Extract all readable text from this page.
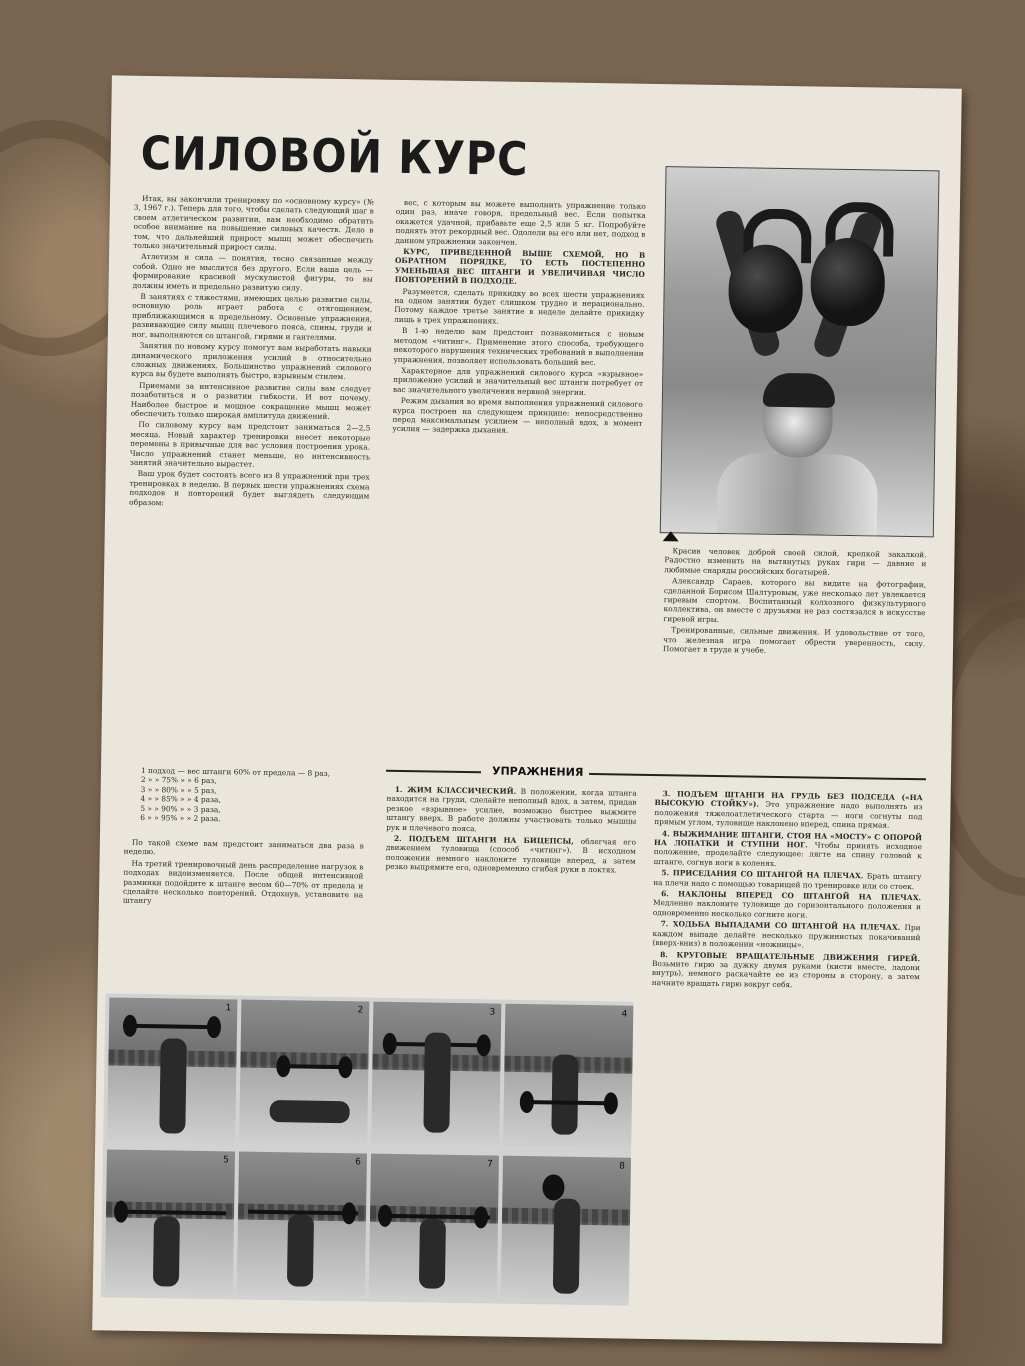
СИЛОВОЙ КУРС

Итак, вы закончили тренировку по «основному курсу» (№ 3, 1967 г.). Теперь для того, чтобы сделать следующий шаг в своем атлетическом развитии, вам необходимо обратить особое внимание на повышение силовых качеств. Дело в том, что дальнейший прирост мышц может обеспечить только значительный прирост силы.

Атлетизм и сила — понятия, тесно связанные между собой. Одно не мыслится без другого. Если ваша цель — формирование красивой мускулистой фигуры, то вы должны иметь и предельно развитую силу.

В занятиях с тяжестями, имеющих целью развитие силы, основную роль играет работа с отягощением, приближающимся к предельному. Основные упражнения, развивающие силу мышц плечевого пояса, спины, груди и ног, выполняются со штангой, гирями и гантелями.

Занятия по новому курсу помогут вам выработать навыки динамического приложения усилий в относительно сложных движениях. Большинство упражнений силового курса вы будете выполнять быстро, взрывным стилем.

Приемами за интенсивное развитие силы вам следует позаботиться и о развитии гибкости. И вот почему. Наиболее быстрое и мощное сокращение мышц может обеспечить только широкая амплитуда движений.

По силовому курсу вам предстоит заниматься 2—2,5 месяца. Новый характер тренировки внесет некоторые перемены в привычные для вас условия построения урока. Число упражнений станет меньше, но интенсивность занятий значительно вырастет.

Ваш урок будет состоять всего из 8 упражнений при трех тренировках в неделю. В первых шести упражнениях схема подходов и повторений будет выглядеть следующим образом:

1 подход — вес штанги 60% от предела — 8 раз,
2 » » 75% » » 6 раз,
3 » » 80% » » 5 раз,
4 » » 85% » » 4 раза,
5 » » 90% » » 3 раза,
6 » » 95% » » 2 раза.

По такой схеме вам предстоит заниматься два раза в неделю.

На третий тренировочный день распределение нагрузок в подходах видоизменяется. После общей интенсивной разминки подойдите к штанге весом 60—70% от предела и сделайте несколько повторений. Отдохнув, установите на штангу

вес, с которым вы можете выполнить упражнение только один раз, иначе говоря, предельный вес. Если попытка окажется удачной, прибавьте еще 2,5 или 5 кг. Попробуйте поднять этот рекордный вес. Одолели вы его или нет, подход в данном упражнении закончен.

КУРС, ПРИВЕДЕННОЙ ВЫШЕ СХЕМОЙ, НО В ОБРАТНОМ ПОРЯДКЕ, ТО ЕСТЬ ПОСТЕПЕННО УМЕНЬШАЯ ВЕС ШТАНГИ И УВЕЛИЧИВАЯ ЧИСЛО ПОВТОРЕНИЙ В ПОДХОДЕ.

Разумеется, сделать прикидку во всех шести упражнениях на одном занятии будет слишком трудно и нерационально. Потому каждое третье занятие в неделе делайте прикидку лишь в трех упражнениях.

В 1-ю неделю вам предстоит познакомиться с новым методом «читинг». Применение этого способа, требующего некоторого нарушения технических требований в выполнении упражнения, позволяет использовать больший вес.

Характерное для упражнений силового курса «взрывное» приложение усилий и значительный вес штанги потребует от вас значительного увеличения нервной энергии.

Режим дыхания во время выполнения упражнений силового курса построен на следующем принципе: непосредственно перед максимальным усилием — неполный вдох, в момент усилия — задержка дыхания.

Красив человек доброй своей силой, крепкой закалкой. Радостно изменить на вытянутых руках гири — давние и любимые снаряды российских богатырей.

Александр Сараев, которого вы видите на фотографии, сделанной Борисом Шалтуровым, уже несколько лет увлекается гиревым спортом. Воспитанный колхозного физкультурного коллектива, он вместе с друзьями не раз состязался в искусстве гиревой игры.

Тренированные, сильные движения. И удовольствие от того, что железная игра помогает обрести уверенность, силу. Помогает в труде и учебе.

УПРАЖНЕНИЯ

1. ЖИМ КЛАССИЧЕСКИЙ. В положении, когда штанга находится на груди, сделайте неполный вдох, а затем, придав резкое «взрывное» усилие, возможно быстрее выжмите штангу вверх. В работе должны участвовать только мышцы рук и плечевого пояса.

2. ПОДЪЕМ ШТАНГИ НА БИЦЕПСЫ, облегчая его движением туловища (способ «читинг»). В исходном положении немного наклоните туловище вперед, а затем резко выпрямите его, одновременно сгибая руки в локтях.

3. ПОДЪЕМ ШТАНГИ НА ГРУДЬ БЕЗ ПОДСЕДА («НА ВЫСОКУЮ СТОЙКУ»). Это упражнение надо выполнять из положения тяжелоатлетического старта — ноги согнуты под прямым углом, туловище наклонено вперед, спина прямая.

4. ВЫЖИМАНИЕ ШТАНГИ, СТОЯ НА «МОСТУ» С ОПОРОЙ НА ЛОПАТКИ И СТУПНИ НОГ. Чтобы принять исходное положение, проделайте следующее: лягте на спину головой к штанге, согнув ноги в коленях.

5. ПРИСЕДАНИЯ СО ШТАНГОЙ НА ПЛЕЧАХ. Брать штангу на плечи надо с помощью товарищей по тренировке или со стоек.

6. НАКЛОНЫ ВПЕРЕД СО ШТАНГОЙ НА ПЛЕЧАХ. Медленно наклоните туловище до горизонтального положения и одновременно несколько согните ноги.

7. ХОДЬБА ВЫПАДАМИ СО ШТАНГОЙ НА ПЛЕЧАХ. При каждом выпаде делайте несколько пружинистых покачиваний (вверх-вниз) в положении «ножницы».

8. КРУГОВЫЕ ВРАЩАТЕЛЬНЫЕ ДВИЖЕНИЯ ГИРЕЙ. Возьмите гирю за дужку двумя руками (кисти вместе, ладони внутрь), немного раскачайте ее из стороны в сторону, а затем начните вращать гирю вокруг себя.

1	2	3	4
5	6	7	8
